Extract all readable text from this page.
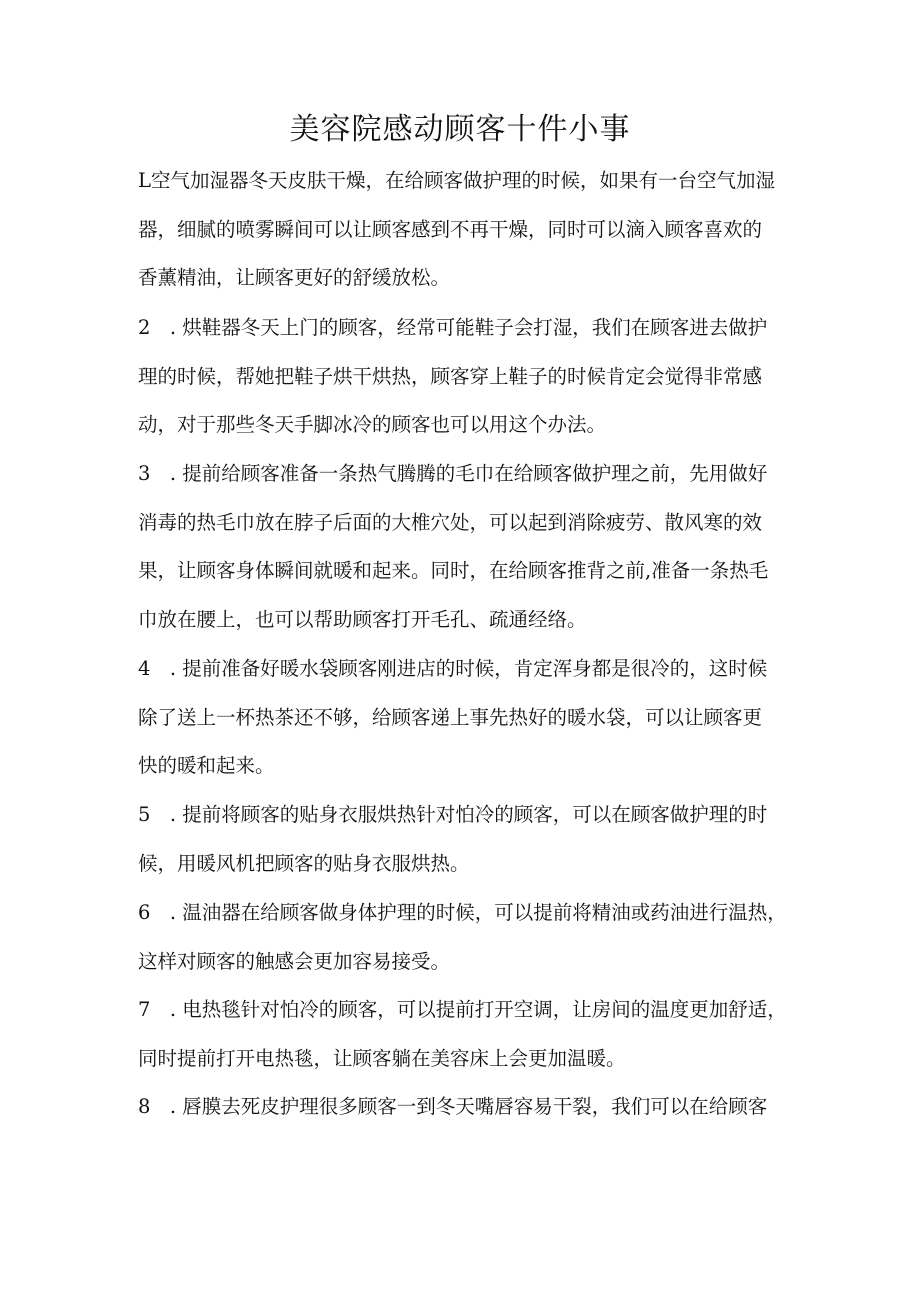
美容院感动顾客十件小事

L空气加湿器冬天皮肤干燥，在给顾客做护理的时候，如果有一台空气加湿
器，细腻的喷雾瞬间可以让顾客感到不再干燥，同时可以滴入顾客喜欢的
香薰精油，让顾客更好的舒缓放松。

2　. 烘鞋器冬天上门的顾客，经常可能鞋子会打湿，我们在顾客进去做护
理的时候，帮她把鞋子烘干烘热，顾客穿上鞋子的时候肯定会觉得非常感
动，对于那些冬天手脚冰冷的顾客也可以用这个办法。

3　. 提前给顾客准备一条热气腾腾的毛巾在给顾客做护理之前，先用做好
消毒的热毛巾放在脖子后面的大椎穴处，可以起到消除疲劳、散风寒的效
果，让顾客身体瞬间就暖和起来。同时，在给顾客推背之前,准备一条热毛
巾放在腰上，也可以帮助顾客打开毛孔、疏通经络。

4　. 提前准备好暖水袋顾客刚进店的时候，肯定浑身都是很冷的，这时候
除了送上一杯热茶还不够，给顾客递上事先热好的暖水袋，可以让顾客更
快的暖和起来。

5　. 提前将顾客的贴身衣服烘热针对怕冷的顾客，可以在顾客做护理的时
候，用暖风机把顾客的贴身衣服烘热。

6　. 温油器在给顾客做身体护理的时候，可以提前将精油或药油进行温热，
这样对顾客的触感会更加容易接受。

7　. 电热毯针对怕冷的顾客，可以提前打开空调，让房间的温度更加舒适，
同时提前打开电热毯，让顾客躺在美容床上会更加温暖。

8　. 唇膜去死皮护理很多顾客一到冬天嘴唇容易干裂，我们可以在给顾客
